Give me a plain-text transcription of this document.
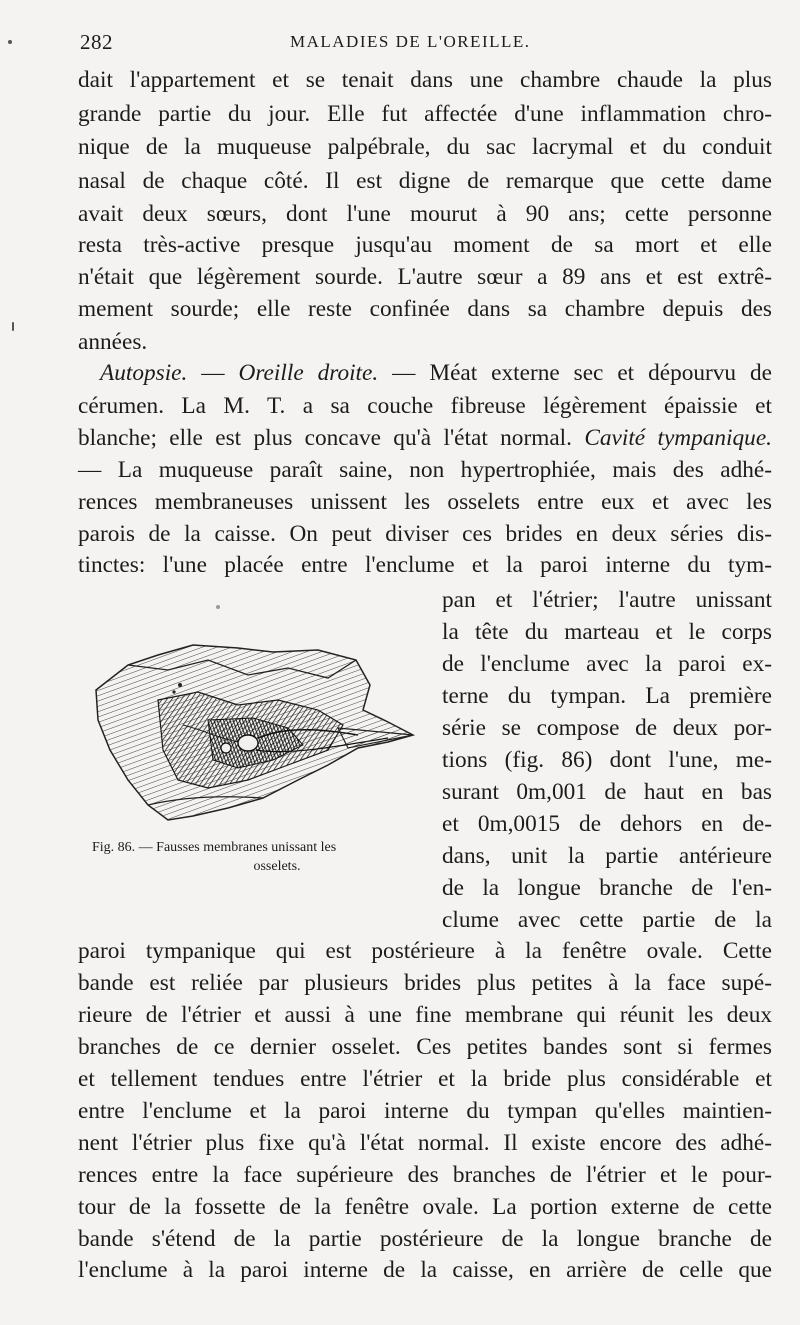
282	MALADIES DE L'OREILLE.
dait l'appartement et se tenait dans une chambre chaude la plus
grande partie du jour. Elle fut affectée d'une inflammation chro-
nique de la muqueuse palpébrale, du sac lacrymal et du conduit
nasal de chaque côté. Il est digne de remarque que cette dame
avait deux sœurs, dont l'une mourut à 90 ans; cette personne
resta très-active presque jusqu'au moment de sa mort et elle
n'était que légèrement sourde. L'autre sœur a 89 ans et est extrê-
mement sourde; elle reste confinée dans sa chambre depuis des
années.
Autopsie. — Oreille droite. — Méat externe sec et dépourvu de
cérumen. La M. T. a sa couche fibreuse légèrement épaissie et
blanche; elle est plus concave qu'à l'état normal. Cavité tympanique.
— La muqueuse paraît saine, non hypertrophiée, mais des adhé-
rences membraneuses unissent les osselets entre eux et avec les
parois de la caisse. On peut diviser ces brides en deux séries dis-
tinctes: l'une placée entre l'enclume et la paroi interne du tym-
pan et l'étrier; l'autre unissant
la tête du marteau et le corps
de l'enclume avec la paroi ex-
terne du tympan. La première
série se compose de deux por-
tions (fig. 86) dont l'une, me-
surant 0m,001 de haut en bas
et 0m,0015 de dehors en de-
dans, unit la partie antérieure
de la longue branche de l'en-
clume avec cette partie de la
Fig. 86. — Fausses membranes unissant les
osselets.
paroi tympanique qui est postérieure à la fenêtre ovale. Cette
bande est reliée par plusieurs brides plus petites à la face supé-
rieure de l'étrier et aussi à une fine membrane qui réunit les deux
branches de ce dernier osselet. Ces petites bandes sont si fermes
et tellement tendues entre l'étrier et la bride plus considérable et
entre l'enclume et la paroi interne du tympan qu'elles maintien-
nent l'étrier plus fixe qu'à l'état normal. Il existe encore des adhé-
rences entre la face supérieure des branches de l'étrier et le pour-
tour de la fossette de la fenêtre ovale. La portion externe de cette
bande s'étend de la partie postérieure de la longue branche de
l'enclume à la paroi interne de la caisse, en arrière de celle que
